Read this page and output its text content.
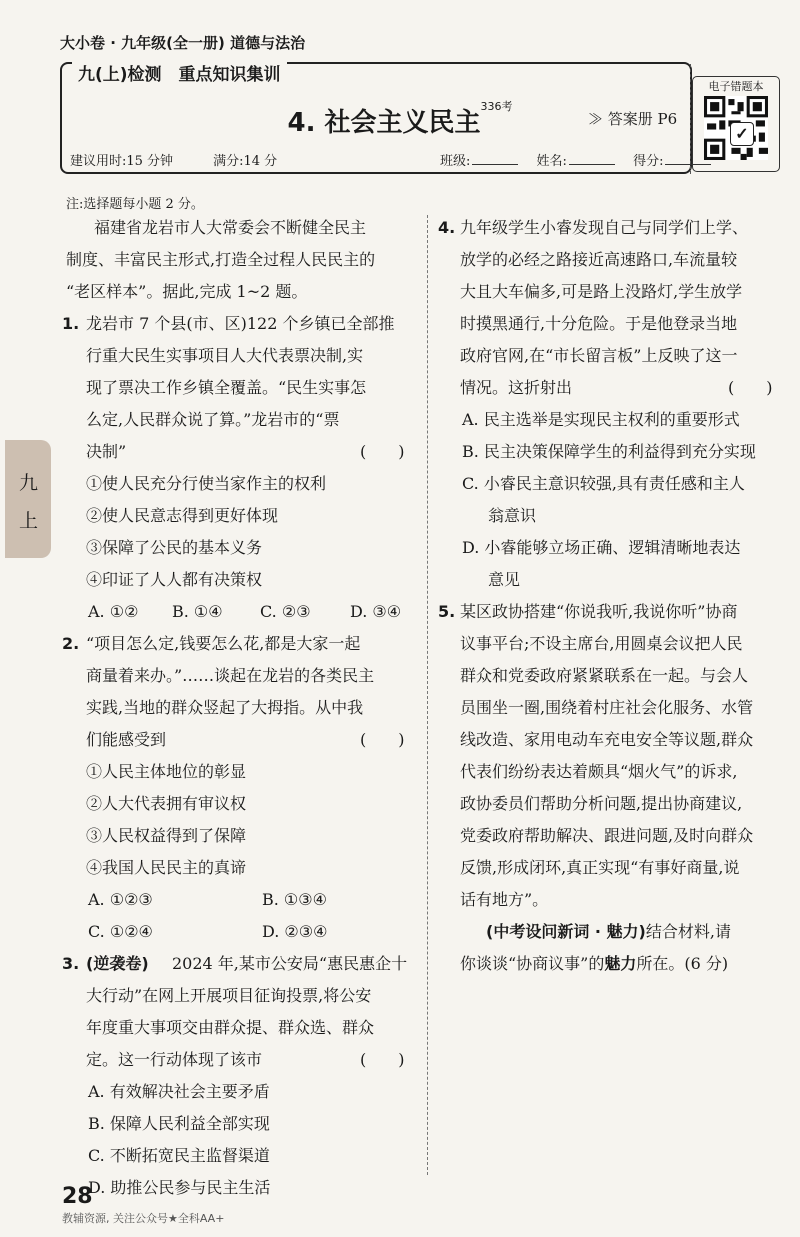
大小卷 · 九年级(全一册) 道德与法治
九(上)检测　重点知识集训
4. 社会主义民主$^{336考}$
≫ 答案册 P6
建议用时:15 分钟	满分:14 分	班级:	姓名:	得分:
电子错题本
✓
九
上
注:选择题每小题 2 分。
福建省龙岩市人大常委会不断健全民主
制度、丰富民主形式,打造全过程人民民主的
“老区样本”。据此,完成 1~2 题。
1. 龙岩市 7 个县(市、区)122 个乡镇已全部推
行重大民生实事项目人大代表票决制,实
现了票决工作乡镇全覆盖。“民生实事怎
么定,人民群众说了算。”龙岩市的“票
决制”	(　　)
①使人民充分行使当家作主的权利
②使人民意志得到更好体现
③保障了公民的基本义务
④印证了人人都有决策权
A. ①② B. ①④ C. ②③ D. ③④
2. “项目怎么定,钱要怎么花,都是大家一起
商量着来办。”……谈起在龙岩的各类民主
实践,当地的群众竖起了大拇指。从中我
们能感受到	(　　)
①人民主体地位的彰显
②人大代表拥有审议权
③人民权益得到了保障
④我国人民民主的真谛
A. ①②③	B. ①③④
C. ①②④	D. ②③④
3. (逆袭卷) 2024 年,某市公安局“惠民惠企十
大行动”在网上开展项目征询投票,将公安
年度重大事项交由群众提、群众选、群众
定。这一行动体现了该市	(　　)
A. 有效解决社会主要矛盾
B. 保障人民利益全部实现
C. 不断拓宽民主监督渠道
D. 助推公民参与民主生活
4. 九年级学生小睿发现自己与同学们上学、
放学的必经之路接近高速路口,车流量较
大且大车偏多,可是路上没路灯,学生放学
时摸黑通行,十分危险。于是他登录当地
政府官网,在“市长留言板”上反映了这一
情况。这折射出	(　　)
A. 民主选举是实现民主权利的重要形式
B. 民主决策保障学生的利益得到充分实现
C. 小睿民主意识较强,具有责任感和主人
翁意识
D. 小睿能够立场正确、逻辑清晰地表达
意见
5. 某区政协搭建“你说我听,我说你听”协商
议事平台;不设主席台,用圆桌会议把人民
群众和党委政府紧紧联系在一起。与会人
员围坐一圈,围绕着村庄社会化服务、水管
线改造、家用电动车充电安全等议题,群众
代表们纷纷表达着颇具“烟火气”的诉求,
政协委员们帮助分析问题,提出协商建议,
党委政府帮助解决、跟进问题,及时向群众
反馈,形成闭环,真正实现“有事好商量,说
话有地方”。
(中考设问新词 · 魅力)结合材料,请
你谈谈“协商议事”的魅力所在。(6 分)
28
教辅资源, 关注公众号★全科AA+
